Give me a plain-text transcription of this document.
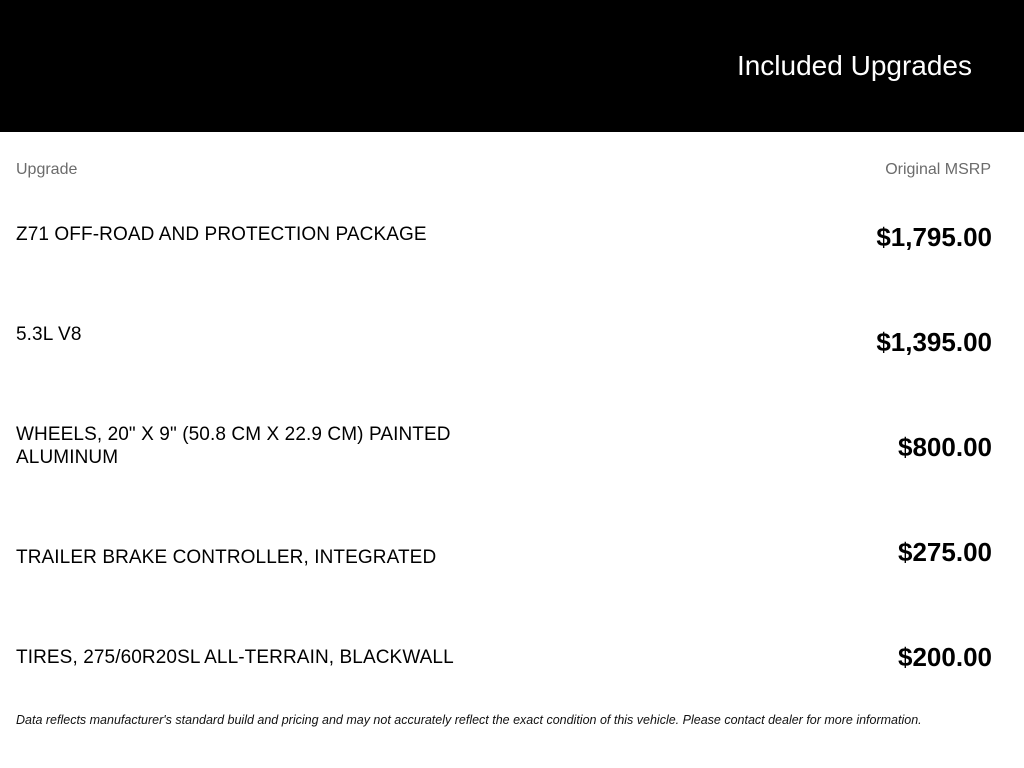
Included Upgrades
Upgrade	Original MSRP
Z71 OFF-ROAD AND PROTECTION PACKAGE	$1,795.00
5.3L V8	$1,395.00
WHEELS, 20" X 9" (50.8 CM X 22.9 CM) PAINTED ALUMINUM	$800.00
TRAILER BRAKE CONTROLLER, INTEGRATED	$275.00
TIRES, 275/60R20SL ALL-TERRAIN, BLACKWALL	$200.00
Data reflects manufacturer's standard build and pricing and may not accurately reflect the exact condition of this vehicle. Please contact dealer for more information.
